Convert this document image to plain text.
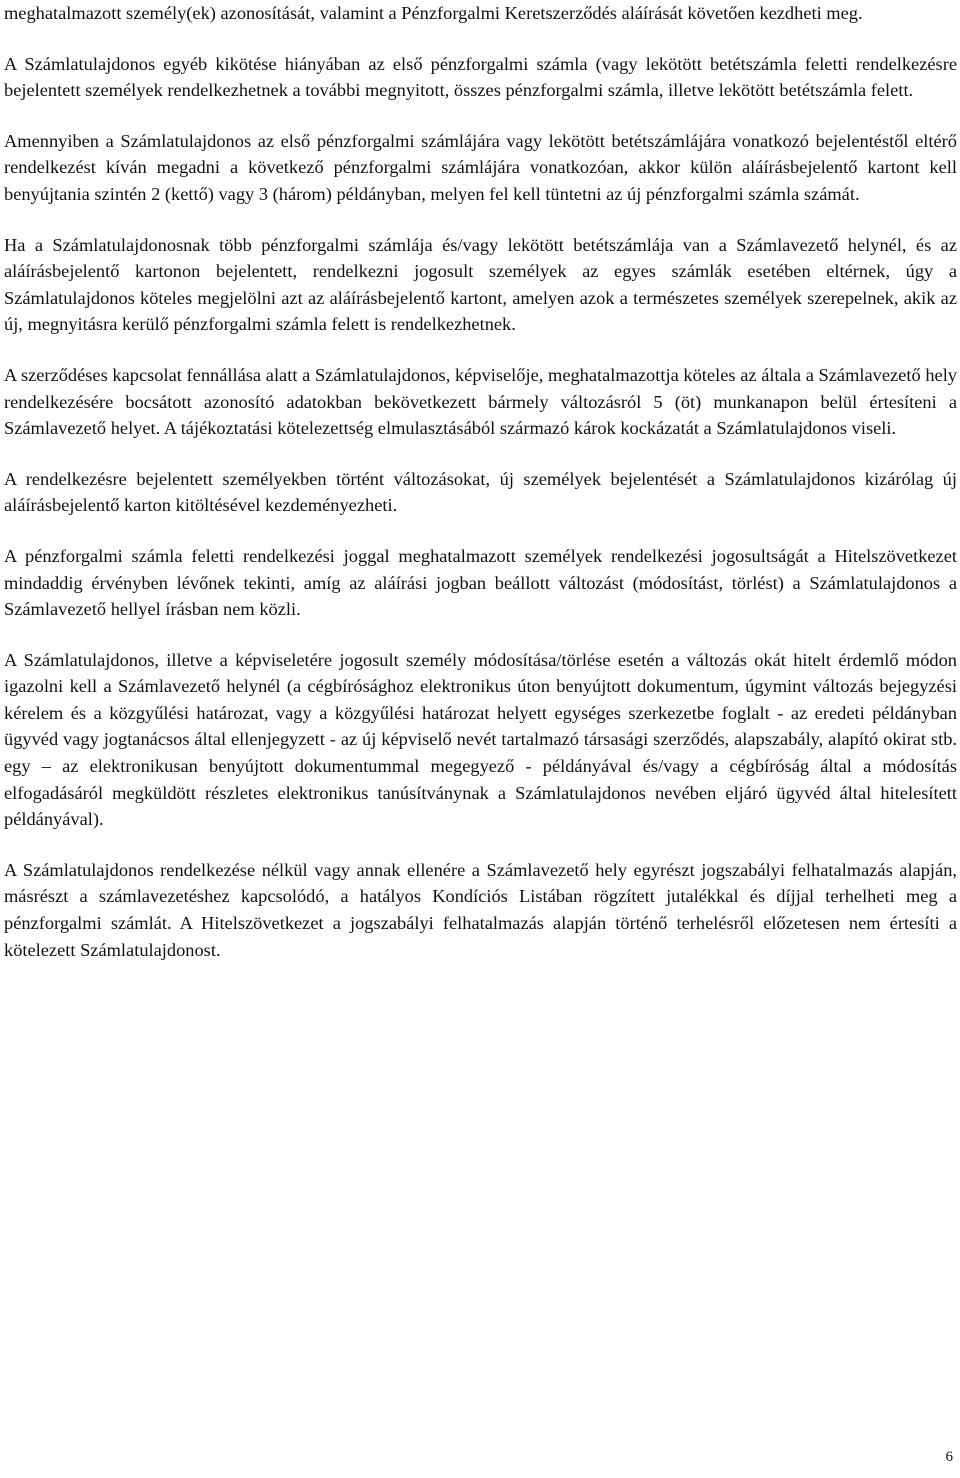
meghatalmazott személy(ek) azonosítását, valamint a Pénzforgalmi Keretszerződés aláírását követően kezdheti meg.

A Számlatulajdonos egyéb kikötése hiányában az első pénzforgalmi számla (vagy lekötött betétszámla feletti rendelkezésre bejelentett személyek rendelkezhetnek a további megnyitott, összes pénzforgalmi számla, illetve lekötött betétszámla felett.

Amennyiben a Számlatulajdonos az első pénzforgalmi számlájára vagy lekötött betétszámlájára vonatkozó bejelentéstől eltérő rendelkezést kíván megadni a következő pénzforgalmi számlájára vonatkozóan, akkor külön aláírásbejelentő kartont kell benyújtania szintén 2 (kettő) vagy 3 (három) példányban, melyen fel kell tüntetni az új pénzforgalmi számla számát.

Ha a Számlatulajdonosnak több pénzforgalmi számlája és/vagy lekötött betétszámlája van a Számlavezető helynél, és az aláírásbejelentő kartonon bejelentett, rendelkezni jogosult személyek az egyes számlák esetében eltérnek, úgy a Számlatulajdonos köteles megjelölni azt az aláírásbejelentő kartont, amelyen azok a természetes személyek szerepelnek, akik az új, megnyitásra kerülő pénzforgalmi számla felett is rendelkezhetnek.

A szerződéses kapcsolat fennállása alatt a Számlatulajdonos, képviselője, meghatalmazottja köteles az általa a Számlavezető hely rendelkezésére bocsátott azonosító adatokban bekövetkezett bármely változásról 5 (öt) munkanapon belül értesíteni a Számlavezető helyet. A tájékoztatási kötelezettség elmulasztásából származó károk kockázatát a Számlatulajdonos viseli.

A rendelkezésre bejelentett személyekben történt változásokat, új személyek bejelentését a Számlatulajdonos kizárólag új aláírásbejelentő karton kitöltésével kezdeményezheti.

A pénzforgalmi számla feletti rendelkezési joggal meghatalmazott személyek rendelkezési jogosultságát a Hitelszövetkezet mindaddig érvényben lévőnek tekinti, amíg az aláírási jogban beállott változást (módosítást, törlést) a Számlatulajdonos a Számlavezető hellyel írásban nem közli.

A Számlatulajdonos, illetve a képviseletére jogosult személy módosítása/törlése esetén a változás okát hitelt érdemlő módon igazolni kell a Számlavezető helynél (a cégbírósághoz elektronikus úton benyújtott dokumentum, úgymint változás bejegyzési kérelem és a közgyűlési határozat, vagy a közgyűlési határozat helyett egységes szerkezetbe foglalt - az eredeti példányban ügyvéd vagy jogtanácsos által ellenjegyzett - az új képviselő nevét tartalmazó társasági szerződés, alapszabály, alapító okirat stb. egy – az elektronikusan benyújtott dokumentummal megegyező - példányával és/vagy a cégbíróság által a módosítás elfogadásáról megküldött részletes elektronikus tanúsítványnak a Számlatulajdonos nevében eljáró ügyvéd által hitelesített példányával).

A Számlatulajdonos rendelkezése nélkül vagy annak ellenére a Számlavezető hely egyrészt jogszabályi felhatalmazás alapján, másrészt a számlavezetéshez kapcsolódó, a hatályos Kondíciós Listában rögzített jutalékkal és díjjal terhelheti meg a pénzforgalmi számlát. A Hitelszövetkezet a jogszabályi felhatalmazás alapján történő terhelésről előzetesen nem értesíti a kötelezett Számlatulajdonost.

6
